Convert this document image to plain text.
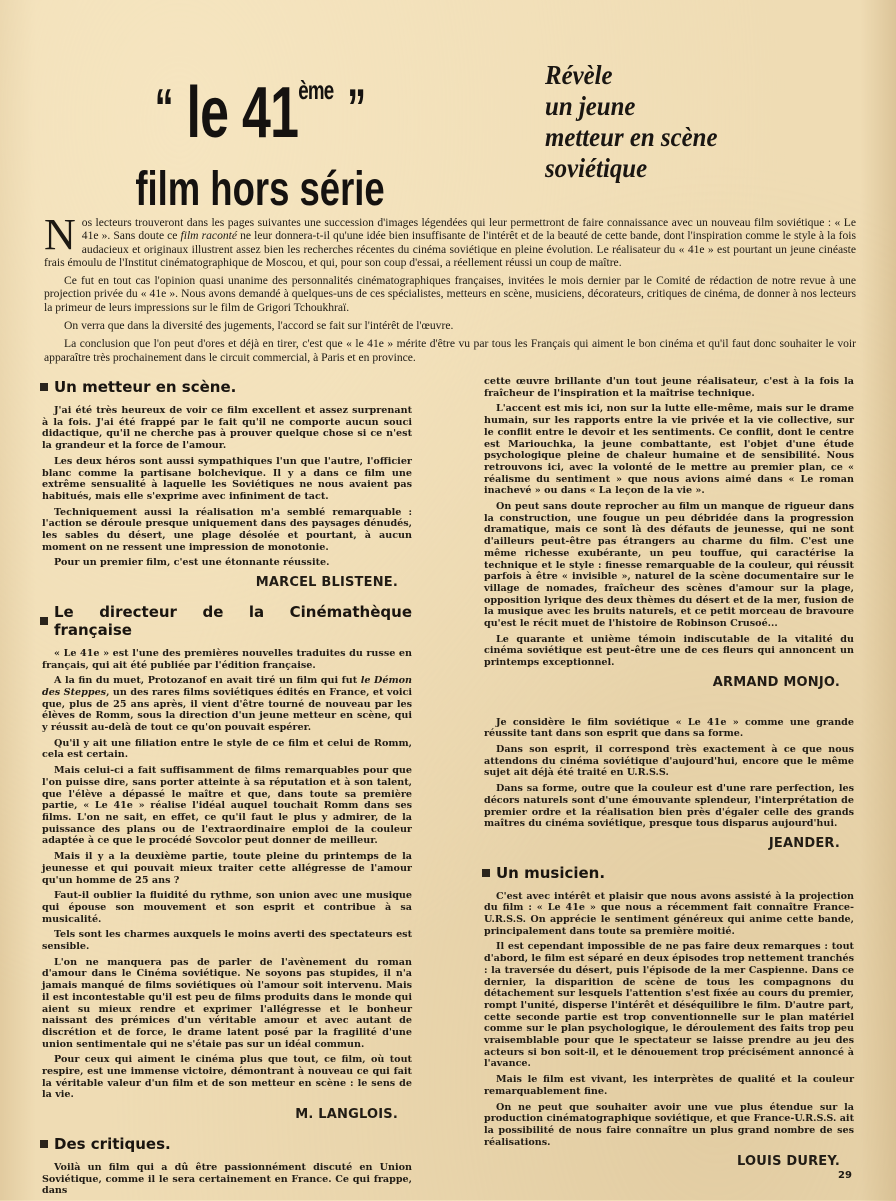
“ le 41ème ”
film hors série
Révèle
un jeune
metteur en scène
soviétique

Nos lecteurs trouveront dans les pages suivantes une succession d'images légendées qui leur permettront de faire connaissance avec un nouveau film soviétique : « Le 41e ». Sans doute ce film raconté ne leur donnera-t-il qu'une idée bien insuffisante de l'intérêt et de la beauté de cette bande, dont l'inspiration comme le style à la fois audacieux et originaux illustrent assez bien les recherches récentes du cinéma soviétique en pleine évolution. Le réalisateur du « 41e » est pourtant un jeune cinéaste frais émoulu de l'Institut cinématographique de Moscou, et qui, pour son coup d'essai, a réellement réussi un coup de maître.

Ce fut en tout cas l'opinion quasi unanime des personnalités cinématographiques françaises, invitées le mois dernier par le Comité de rédaction de notre revue à une projection privée du « 41e ». Nous avons demandé à quelques-uns de ces spécialistes, metteurs en scène, musiciens, décorateurs, critiques de cinéma, de donner à nos lecteurs la primeur de leurs impressions sur le film de Grigori Tchoukhraï.

On verra que dans la diversité des jugements, l'accord se fait sur l'intérêt de l'œuvre.

La conclusion que l'on peut d'ores et déjà en tirer, c'est que « le 41e » mérite d'être vu par tous les Français qui aiment le bon cinéma et qu'il faut donc souhaiter le voir apparaître très prochainement dans le circuit commercial, à Paris et en province.

Un metteur en scène.

J'ai été très heureux de voir ce film excellent et assez surprenant à la fois. J'ai été frappé par le fait qu'il ne comporte aucun souci didactique, qu'il ne cherche pas à prouver quelque chose si ce n'est la grandeur et la force de l'amour.

Les deux héros sont aussi sympathiques l'un que l'autre, l'officier blanc comme la partisane bolchevique. Il y a dans ce film une extrême sensualité à laquelle les Soviétiques ne nous avaient pas habitués, mais elle s'exprime avec infiniment de tact.

Techniquement aussi la réalisation m'a semblé remarquable : l'action se déroule presque uniquement dans des paysages dénudés, les sables du désert, une plage désolée et pourtant, à aucun moment on ne ressent une impression de monotonie.

Pour un premier film, c'est une étonnante réussite.

MARCEL BLISTENE.
Le directeur de la Cinémathèque française

« Le 41e » est l'une des premières nouvelles traduites du russe en français, qui ait été publiée par l'édition française.

A la fin du muet, Protozanof en avait tiré un film qui fut le Démon des Steppes, un des rares films soviétiques édités en France, et voici que, plus de 25 ans après, il vient d'être tourné de nouveau par les élèves de Romm, sous la direction d'un jeune metteur en scène, qui y réussit au-delà de tout ce qu'on pouvait espérer.

Qu'il y ait une filiation entre le style de ce film et celui de Romm, cela est certain.

Mais celui-ci a fait suffisamment de films remarquables pour que l'on puisse dire, sans porter atteinte à sa réputation et à son talent, que l'élève a dépassé le maître et que, dans toute sa première partie, « Le 41e » réalise l'idéal auquel touchait Romm dans ses films. L'on ne sait, en effet, ce qu'il faut le plus y admirer, de la puissance des plans ou de l'extraordinaire emploi de la couleur adaptée à ce que le procédé Sovcolor peut donner de meilleur.

Mais il y a la deuxième partie, toute pleine du printemps de la jeunesse et qui pouvait mieux traiter cette allégresse de l'amour qu'un homme de 25 ans ?

Faut-il oublier la fluidité du rythme, son union avec une musique qui épouse son mouvement et son esprit et contribue à sa musicalité.

Tels sont les charmes auxquels le moins averti des spectateurs est sensible.

L'on ne manquera pas de parler de l'avènement du roman d'amour dans le Cinéma soviétique. Ne soyons pas stupides, il n'a jamais manqué de films soviétiques où l'amour soit intervenu. Mais il est incontestable qu'il est peu de films produits dans le monde qui aient su mieux rendre et exprimer l'allégresse et le bonheur naissant des prémices d'un véritable amour et avec autant de discrétion et de force, le drame latent posé par la fragilité d'une union sentimentale qui ne s'étaie pas sur un idéal commun.

Pour ceux qui aiment le cinéma plus que tout, ce film, où tout respire, est une immense victoire, démontrant à nouveau ce qui fait la véritable valeur d'un film et de son metteur en scène : le sens de la vie.

M. LANGLOIS.
Des critiques.

Voilà un film qui a dû être passionnément discuté en Union Soviétique, comme il le sera certainement en France. Ce qui frappe, dans

cette œuvre brillante d'un tout jeune réalisateur, c'est à la fois la fraîcheur de l'inspiration et la maîtrise technique.

L'accent est mis ici, non sur la lutte elle-même, mais sur le drame humain, sur les rapports entre la vie privée et la vie collective, sur le conflit entre le devoir et les sentiments. Ce conflit, dont le centre est Mariouchka, la jeune combattante, est l'objet d'une étude psychologique pleine de chaleur humaine et de sensibilité. Nous retrouvons ici, avec la volonté de le mettre au premier plan, ce « réalisme du sentiment » que nous avions aimé dans « Le roman inachevé » ou dans « La leçon de la vie ».

On peut sans doute reprocher au film un manque de rigueur dans la construction, une fougue un peu débridée dans la progression dramatique, mais ce sont là des défauts de jeunesse, qui ne sont d'ailleurs peut-être pas étrangers au charme du film. C'est une même richesse exubérante, un peu touffue, qui caractérise la technique et le style : finesse remarquable de la couleur, qui réussit parfois à être « invisible », naturel de la scène documentaire sur le village de nomades, fraîcheur des scènes d'amour sur la plage, opposition lyrique des deux thèmes du désert et de la mer, fusion de la musique avec les bruits naturels, et ce petit morceau de bravoure qu'est le récit muet de l'histoire de Robinson Crusoé...

Le quarante et unième témoin indiscutable de la vitalité du cinéma soviétique est peut-être une de ces fleurs qui annoncent un printemps exceptionnel.

ARMAND MONJO.

Je considère le film soviétique « Le 41e » comme une grande réussite tant dans son esprit que dans sa forme.

Dans son esprit, il correspond très exactement à ce que nous attendons du cinéma soviétique d'aujourd'hui, encore que le même sujet ait déjà été traité en U.R.S.S.

Dans sa forme, outre que la couleur est d'une rare perfection, les décors naturels sont d'une émouvante splendeur, l'interprétation de premier ordre et la réalisation bien près d'égaler celle des grands maîtres du cinéma soviétique, presque tous disparus aujourd'hui.

JEANDER.
Un musicien.

C'est avec intérêt et plaisir que nous avons assisté à la projection du film : « Le 41e » que nous a récemment fait connaître France-U.R.S.S. On apprécie le sentiment généreux qui anime cette bande, principalement dans toute sa première moitié.

Il est cependant impossible de ne pas faire deux remarques : tout d'abord, le film est séparé en deux épisodes trop nettement tranchés : la traversée du désert, puis l'épisode de la mer Caspienne. Dans ce dernier, la disparition de scène de tous les compagnons du détachement sur lesquels l'attention s'est fixée au cours du premier, rompt l'unité, disperse l'intérêt et déséquilibre le film. D'autre part, cette seconde partie est trop conventionnelle sur le plan matériel comme sur le plan psychologique, le déroulement des faits trop peu vraisemblable pour que le spectateur se laisse prendre au jeu des acteurs si bon soit-il, et le dénouement trop précisément annoncé à l'avance.

Mais le film est vivant, les interprètes de qualité et la couleur remarquablement fine.

On ne peut que souhaiter avoir une vue plus étendue sur la production cinématographique soviétique, et que France-U.R.S.S. ait la possibilité de nous faire connaître un plus grand nombre de ses réalisations.

LOUIS DUREY.
29
